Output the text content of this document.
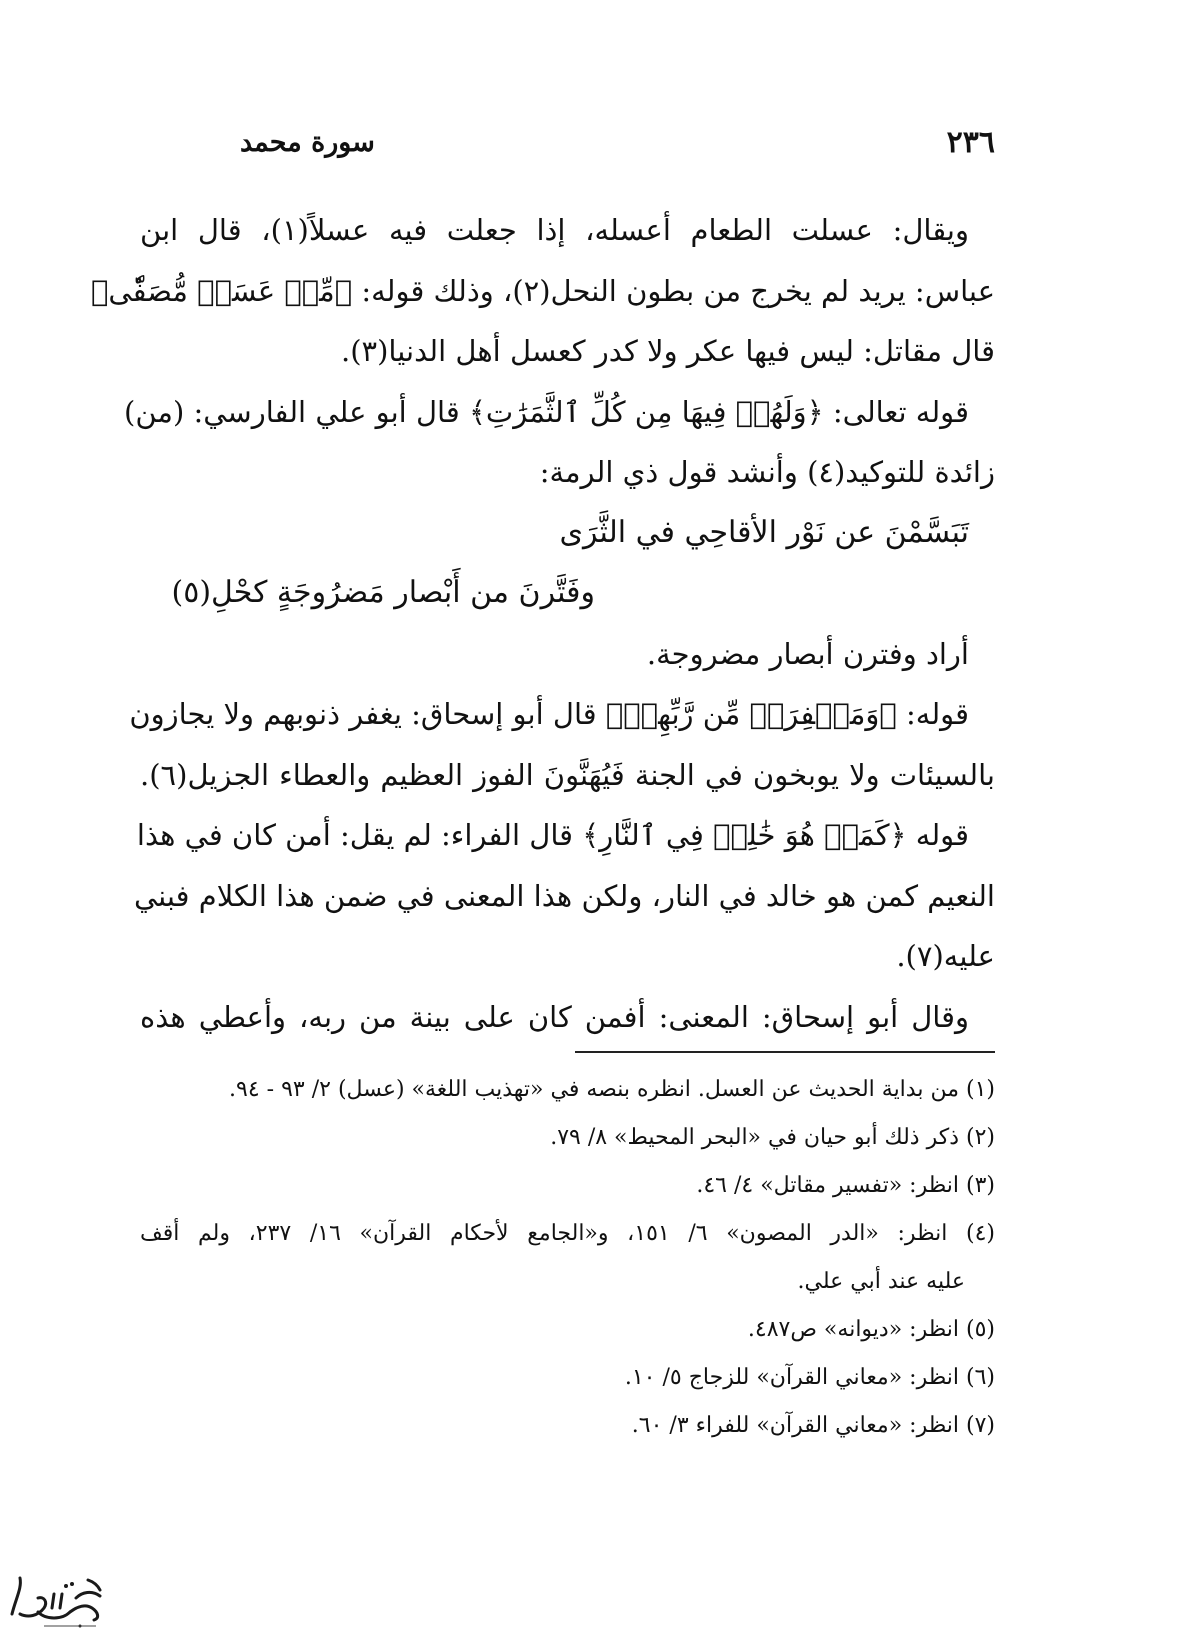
٢٣٦
سورة محمد
ويقال: عسلت الطعام أعسله، إذا جعلت فيه عسلاً(١)، قال ابن
عباس: يريد لم يخرج من بطون النحل(٢)، وذلك قوله: ﴿مِّنۡ عَسَلٖ مُّصَفّٗى﴾
قال مقاتل: ليس فيها عكر ولا كدر كعسل أهل الدنيا(٣).
قوله تعالى: ﴿وَلَهُمۡ فِيهَا مِن كُلِّ ٱلثَّمَرَٰتِ﴾ قال أبو علي الفارسي: (من)
زائدة للتوكيد(٤) وأنشد قول ذي الرمة:
تَبَسَّمْنَ عن نَوْر الأقاحِي في الثَّرَى
وفَتَّرنَ من أَبْصار مَضرُوجَةٍ كحْلِ(٥)
أراد وفترن أبصار مضروجة.
قوله: ﴿وَمَغۡفِرَةٞ مِّن رَّبِّهِمۡ﴾ قال أبو إسحاق: يغفر ذنوبهم ولا يجازون
بالسيئات ولا يوبخون في الجنة فَيُهَنَّونَ الفوز العظيم والعطاء الجزيل(٦).
قوله ﴿كَمَنۡ هُوَ خَٰلِدٞ فِي ٱلنَّارِ﴾ قال الفراء: لم يقل: أمن كان في هذا
النعيم كمن هو خالد في النار، ولكن هذا المعنى في ضمن هذا الكلام فبني
عليه(٧).
وقال أبو إسحاق: المعنى: أفمن كان على بينة من ربه، وأعطي هذه
(١) من بداية الحديث عن العسل. انظره بنصه في «تهذيب اللغة» (عسل) ٢/ ٩٣ - ٩٤.
(٢) ذكر ذلك أبو حيان في «البحر المحيط» ٨/ ٧٩.
(٣) انظر: «تفسير مقاتل» ٤/ ٤٦.
(٤) انظر: «الدر المصون» ٦/ ١٥١، و«الجامع لأحكام القرآن» ١٦/ ٢٣٧، ولم أقف
عليه عند أبي علي.
(٥) انظر: «ديوانه» ص٤٨٧.
(٦) انظر: «معاني القرآن» للزجاج ٥/ ١٠.
(٧) انظر: «معاني القرآن» للفراء ٣/ ٦٠.
